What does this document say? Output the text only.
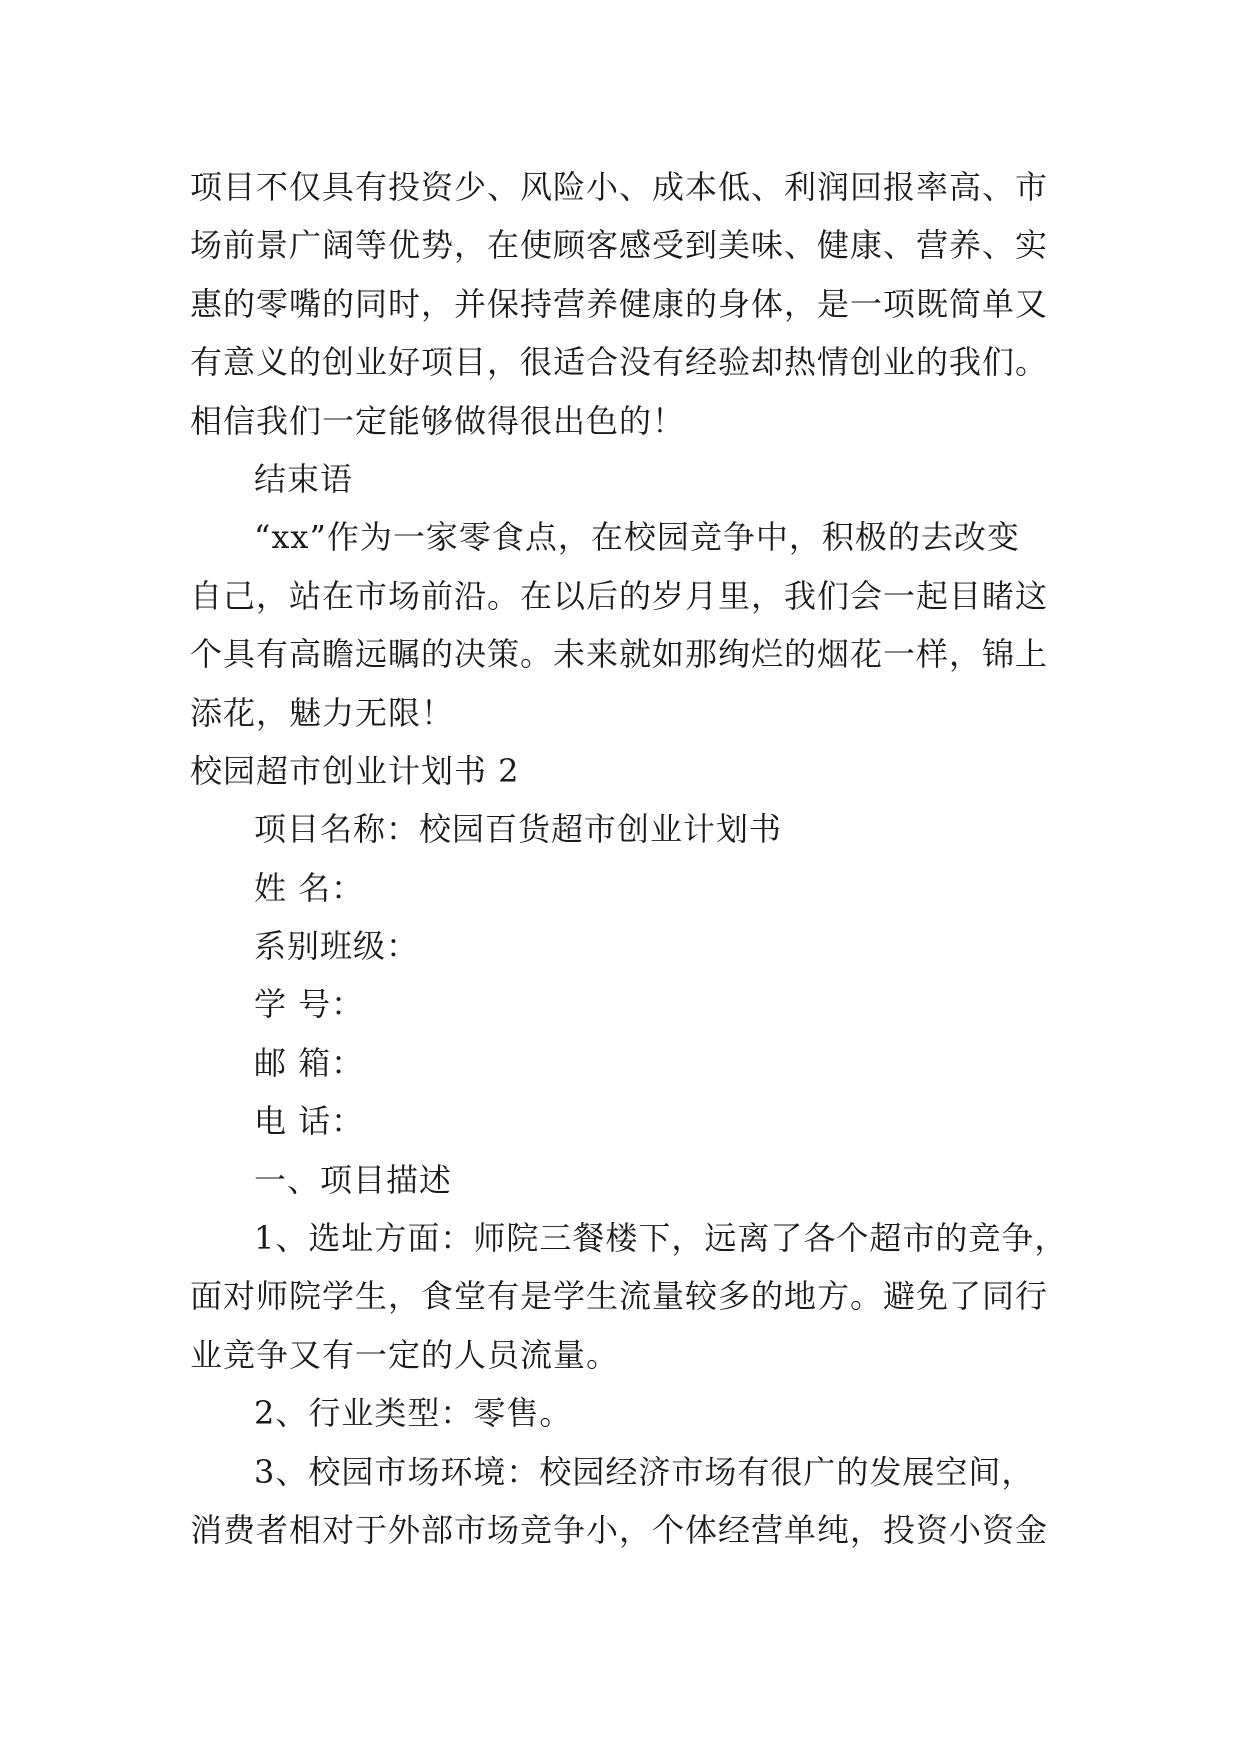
项目不仅具有投资少、风险小、成本低、利润回报率高、市
场前景广阔等优势，在使顾客感受到美味、健康、营养、实
惠的零嘴的同时，并保持营养健康的身体，是一项既简单又
有意义的创业好项目，很适合没有经验却热情创业的我们。
相信我们一定能够做得很出色的！
结束语
“xx”作为一家零食点，在校园竞争中，积极的去改变
自己，站在市场前沿。在以后的岁月里，我们会一起目睹这
个具有高瞻远瞩的决策。未来就如那绚烂的烟花一样，锦上
添花，魅力无限！
校园超市创业计划书 2
项目名称：校园百货超市创业计划书
姓 名：
系别班级：
学 号：
邮 箱：
电 话：
一、项目描述
1、选址方面：师院三餐楼下，远离了各个超市的竞争，
面对师院学生，食堂有是学生流量较多的地方。避免了同行
业竞争又有一定的人员流量。
2、行业类型：零售。
3、校园市场环境：校园经济市场有很广的发展空间，
消费者相对于外部市场竞争小，个体经营单纯，投资小资金
